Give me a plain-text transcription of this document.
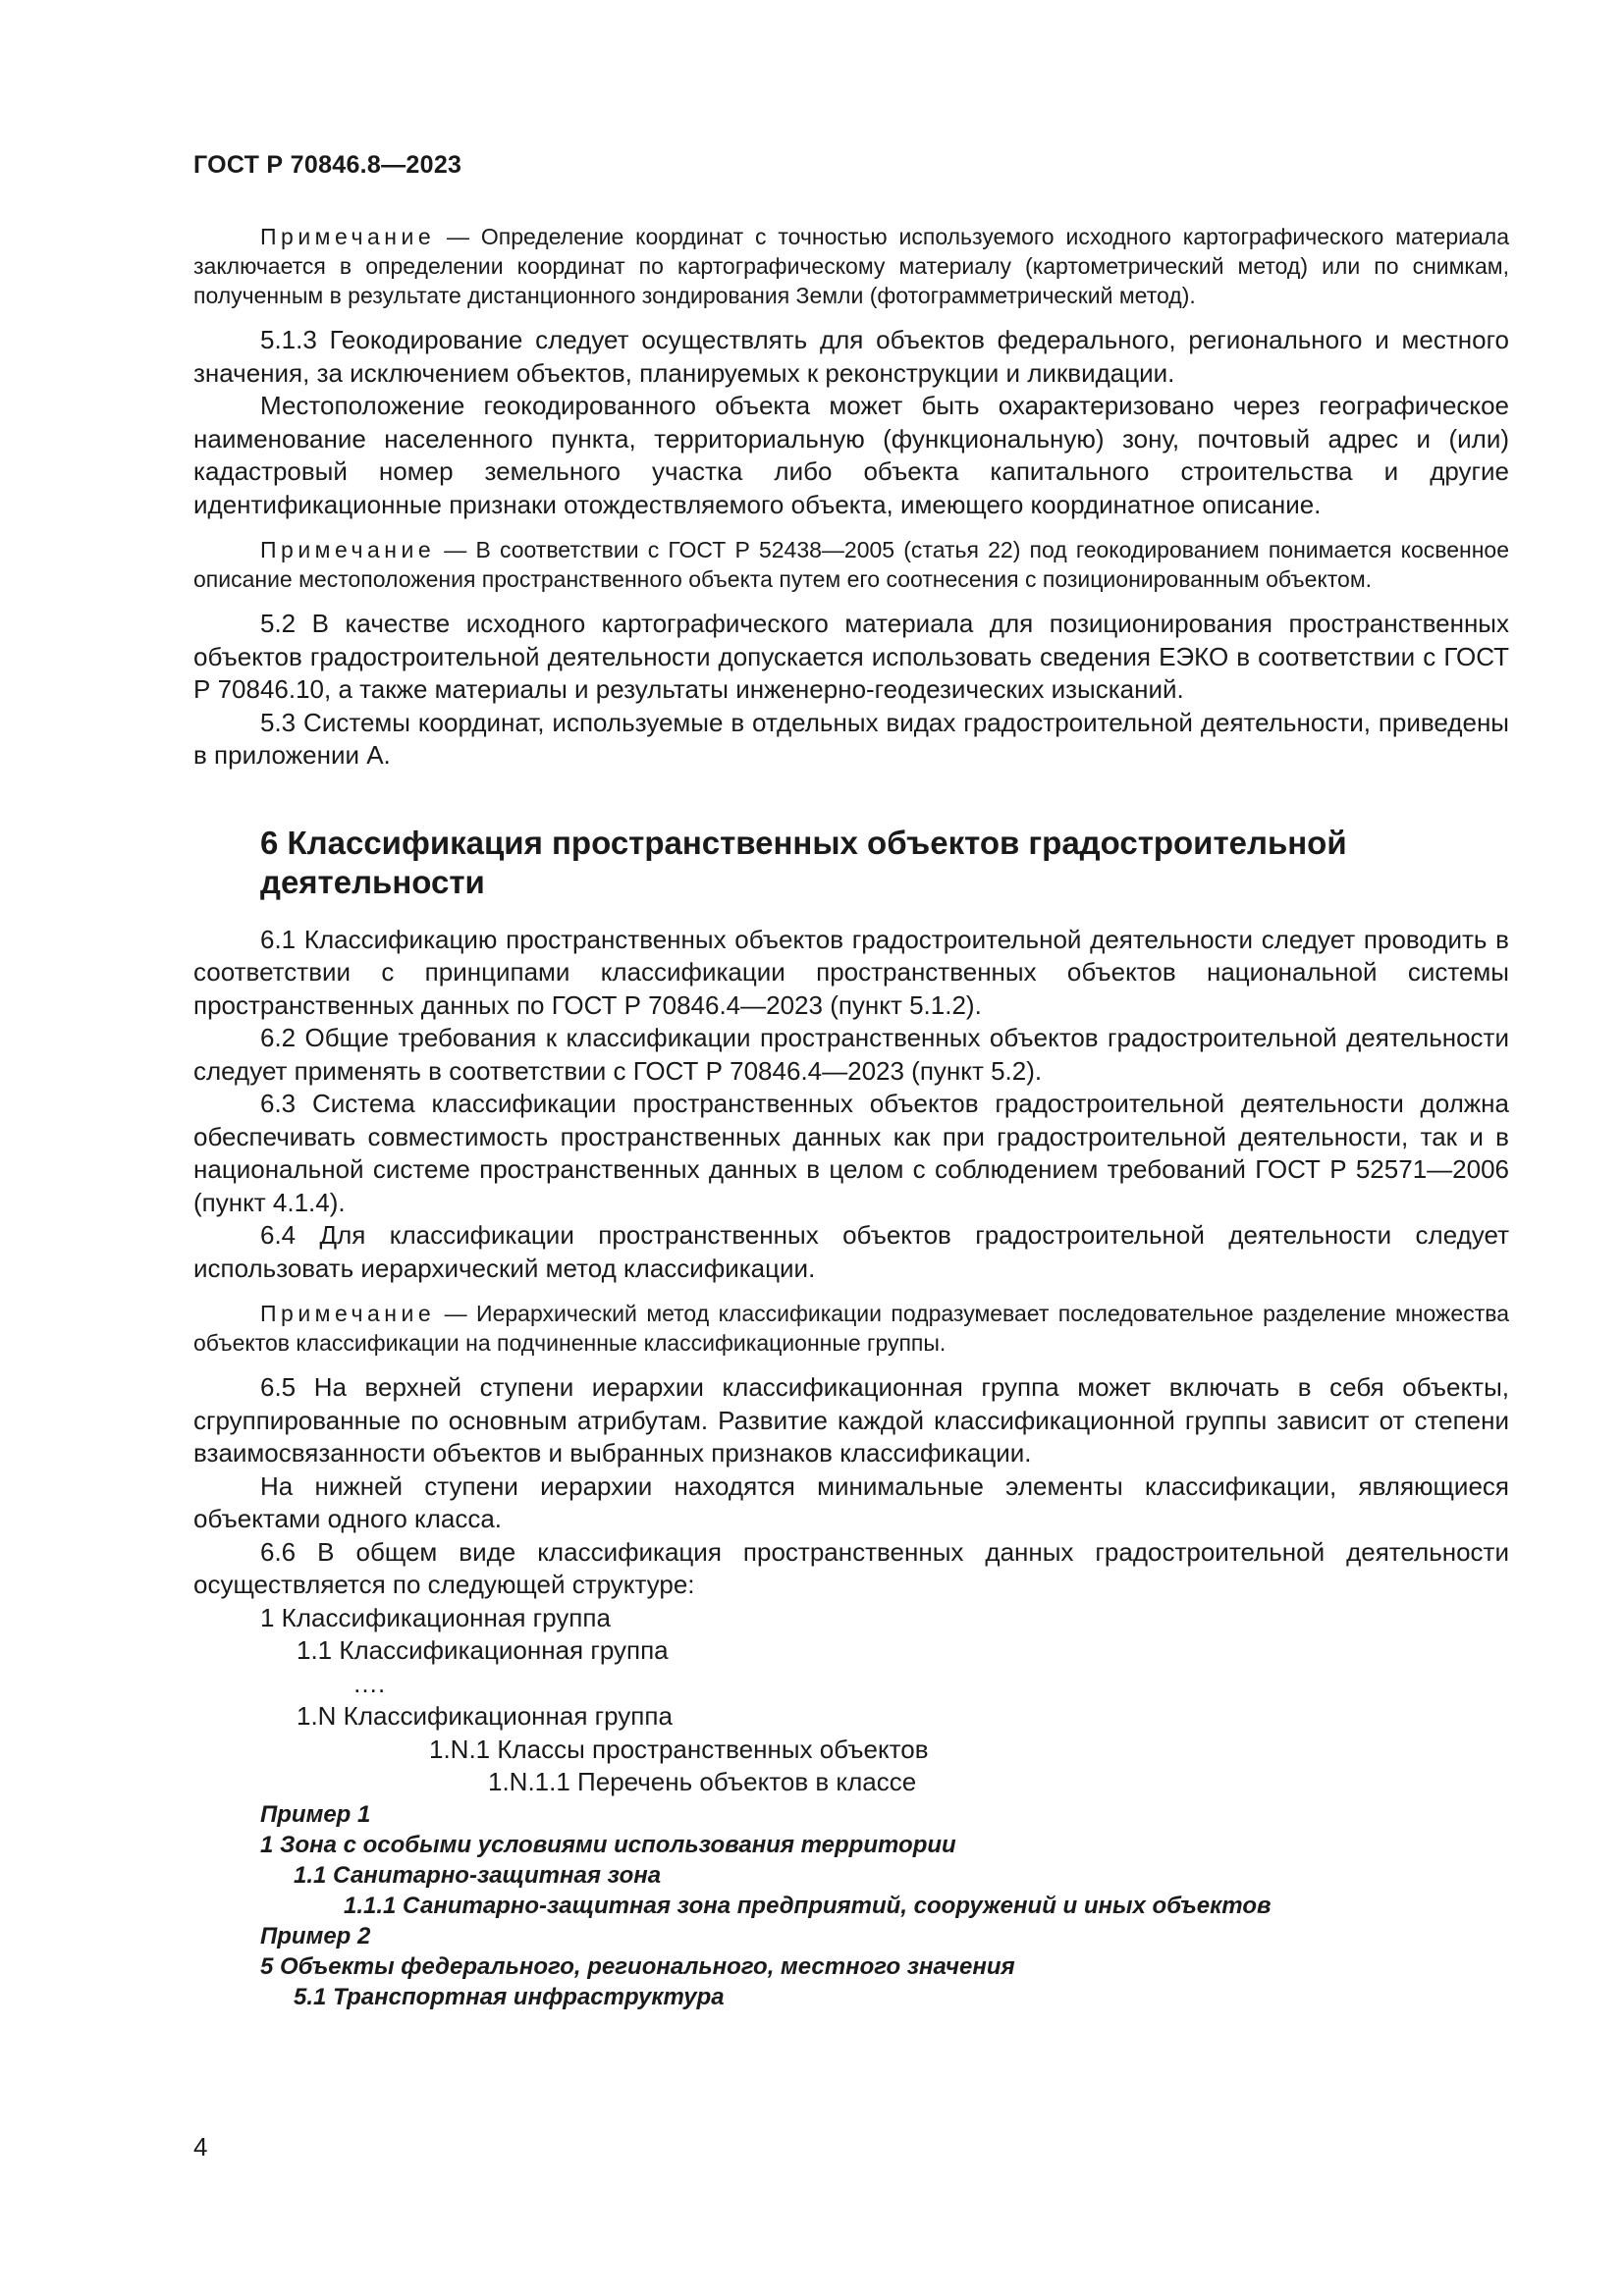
ГОСТ Р 70846.8—2023

Примечание — Определение координат с точностью используемого исходного картографического материала заключается в определении координат по картографическому материалу (картометрический метод) или по снимкам, полученным в результате дистанционного зондирования Земли (фотограмметрический метод).

5.1.3 Геокодирование следует осуществлять для объектов федерального, регионального и местного значения, за исключением объектов, планируемых к реконструкции и ликвидации.

Местоположение геокодированного объекта может быть охарактеризовано через географическое наименование населенного пункта, территориальную (функциональную) зону, почтовый адрес и (или) кадастровый номер земельного участка либо объекта капитального строительства и другие идентификационные признаки отождествляемого объекта, имеющего координатное описание.

Примечание — В соответствии с ГОСТ Р 52438—2005 (статья 22) под геокодированием понимается косвенное описание местоположения пространственного объекта путем его соотнесения с позиционированным объектом.

5.2 В качестве исходного картографического материала для позиционирования пространственных объектов градостроительной деятельности допускается использовать сведения ЕЭКО в соответствии с ГОСТ Р 70846.10, а также материалы и результаты инженерно-геодезических изысканий.

5.3 Системы координат, используемые в отдельных видах градостроительной деятельности, приведены в приложении А.

6 Классификация пространственных объектов градостроительной деятельности

6.1 Классификацию пространственных объектов градостроительной деятельности следует проводить в соответствии с принципами классификации пространственных объектов национальной системы пространственных данных по ГОСТ Р 70846.4—2023 (пункт 5.1.2).

6.2 Общие требования к классификации пространственных объектов градостроительной деятельности следует применять в соответствии с ГОСТ Р 70846.4—2023 (пункт 5.2).

6.3 Система классификации пространственных объектов градостроительной деятельности должна обеспечивать совместимость пространственных данных как при градостроительной деятельности, так и в национальной системе пространственных данных в целом с соблюдением требований ГОСТ Р 52571—2006 (пункт 4.1.4).

6.4 Для классификации пространственных объектов градостроительной деятельности следует использовать иерархический метод классификации.

Примечание — Иерархический метод классификации подразумевает последовательное разделение множества объектов классификации на подчиненные классификационные группы.

6.5 На верхней ступени иерархии классификационная группа может включать в себя объекты, сгруппированные по основным атрибутам. Развитие каждой классификационной группы зависит от степени взаимосвязанности объектов и выбранных признаков классификации.

На нижней ступени иерархии находятся минимальные элементы классификации, являющиеся объектами одного класса.

6.6 В общем виде классификация пространственных данных градостроительной деятельности осуществляется по следующей структуре:

1 Классификационная группа
1.1 Классификационная группа
….
1.N Классификационная группа
1.N.1 Классы пространственных объектов
1.N.1.1 Перечень объектов в классе
Пример 1
1 Зона с особыми условиями использования территории
1.1 Санитарно-защитная зона
1.1.1 Санитарно-защитная зона предприятий, сооружений и иных объектов
Пример 2
5 Объекты федерального, регионального, местного значения
5.1 Транспортная инфраструктура
4
